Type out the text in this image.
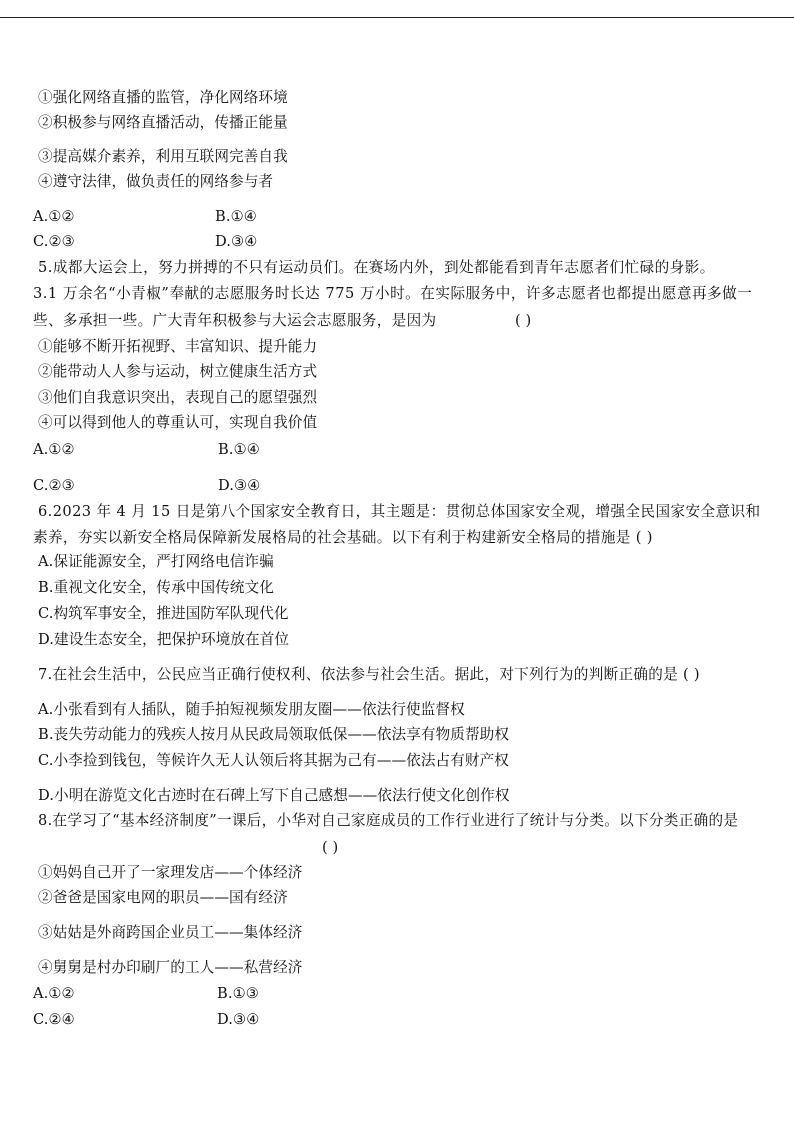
①强化网络直播的监管，净化网络环境
②积极参与网络直播活动，传播正能量
③提高媒介素养，利用互联网完善自我
④遵守法律，做负责任的网络参与者
A.①②	B.①④
C.②③	D.③④
5.成都大运会上，努力拼搏的不只有运动员们。在赛场内外，到处都能看到青年志愿者们忙碌的身影。
3.1 万余名“小青椒”奉献的志愿服务时长达 775 万小时。在实际服务中，许多志愿者也都提出愿意再多做一
些、多承担一些。广大青年积极参与大运会志愿服务，是因为	( )
①能够不断开拓视野、丰富知识、提升能力
②能带动人人参与运动，树立健康生活方式
③他们自我意识突出，表现自己的愿望强烈
④可以得到他人的尊重认可，实现自我价值
A.①②	B.①④
C.②③	D.③④
6.2023 年 4 月 15 日是第八个国家安全教育日，其主题是：贯彻总体国家安全观，增强全民国家安全意识和
素养，夯实以新安全格局保障新发展格局的社会基础。以下有利于构建新安全格局的措施是 ( )
A.保证能源安全，严打网络电信诈骗
B.重视文化安全，传承中国传统文化
C.构筑军事安全，推进国防军队现代化
D.建设生态安全，把保护环境放在首位
7.在社会生活中，公民应当正确行使权利、依法参与社会生活。据此，对下列行为的判断正确的是 ( )
A.小张看到有人插队，随手拍短视频发朋友圈——依法行使监督权
B.丧失劳动能力的残疾人按月从民政局领取低保——依法享有物质帮助权
C.小李捡到钱包，等候许久无人认领后将其据为己有——依法占有财产权
D.小明在游览文化古迹时在石碑上写下自己感想——依法行使文化创作权
8.在学习了“基本经济制度”一课后，小华对自己家庭成员的工作行业进行了统计与分类。以下分类正确的是
( )
①妈妈自己开了一家理发店——个体经济
②爸爸是国家电网的职员——国有经济
③姑姑是外商跨国企业员工——集体经济
④舅舅是村办印刷厂的工人——私营经济
A.①②	B.①③
C.②④	D.③④
